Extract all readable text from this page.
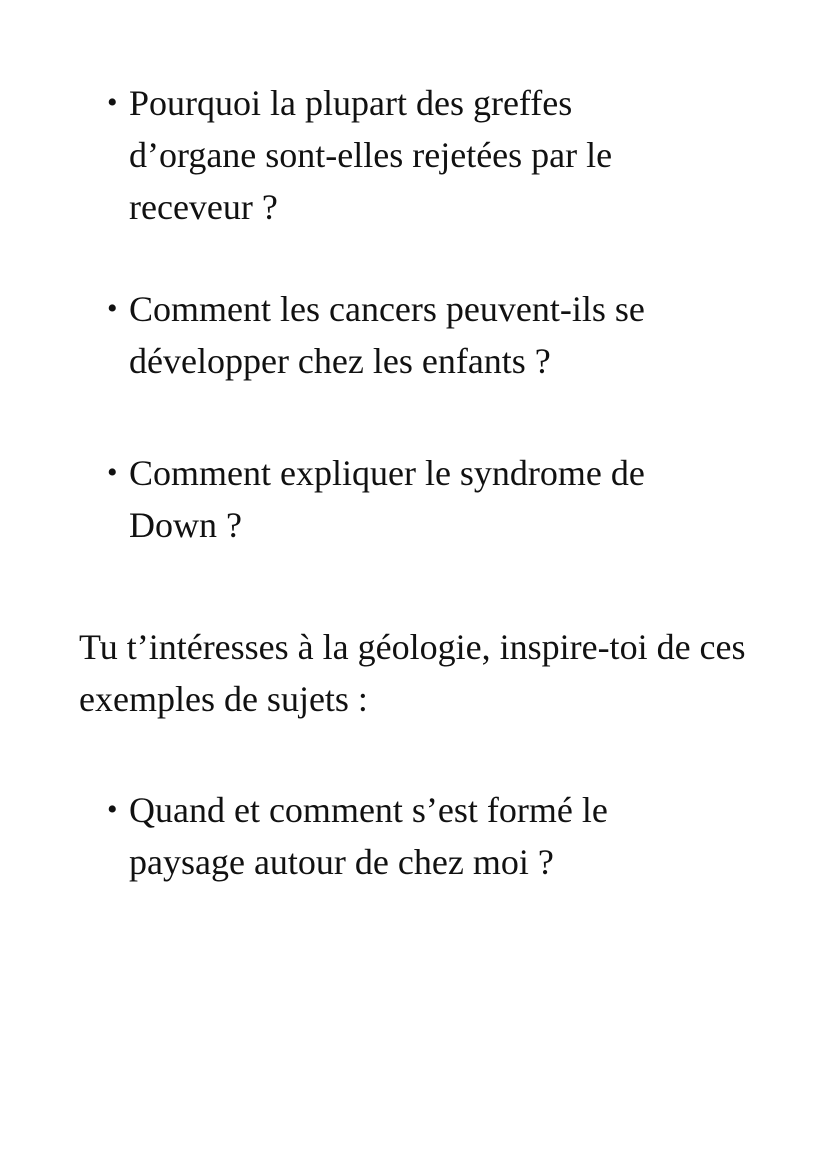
• Pourquoi la plupart des greffes d’organe sont-elles rejetées par le receveur ?
• Comment les cancers peuvent-ils se développer chez les enfants ?
• Comment expliquer le syndrome de Down ?

Tu t’intéresses à la géologie, inspire-toi de ces exemples de sujets :

• Quand et comment s’est formé le paysage autour de chez moi ?
